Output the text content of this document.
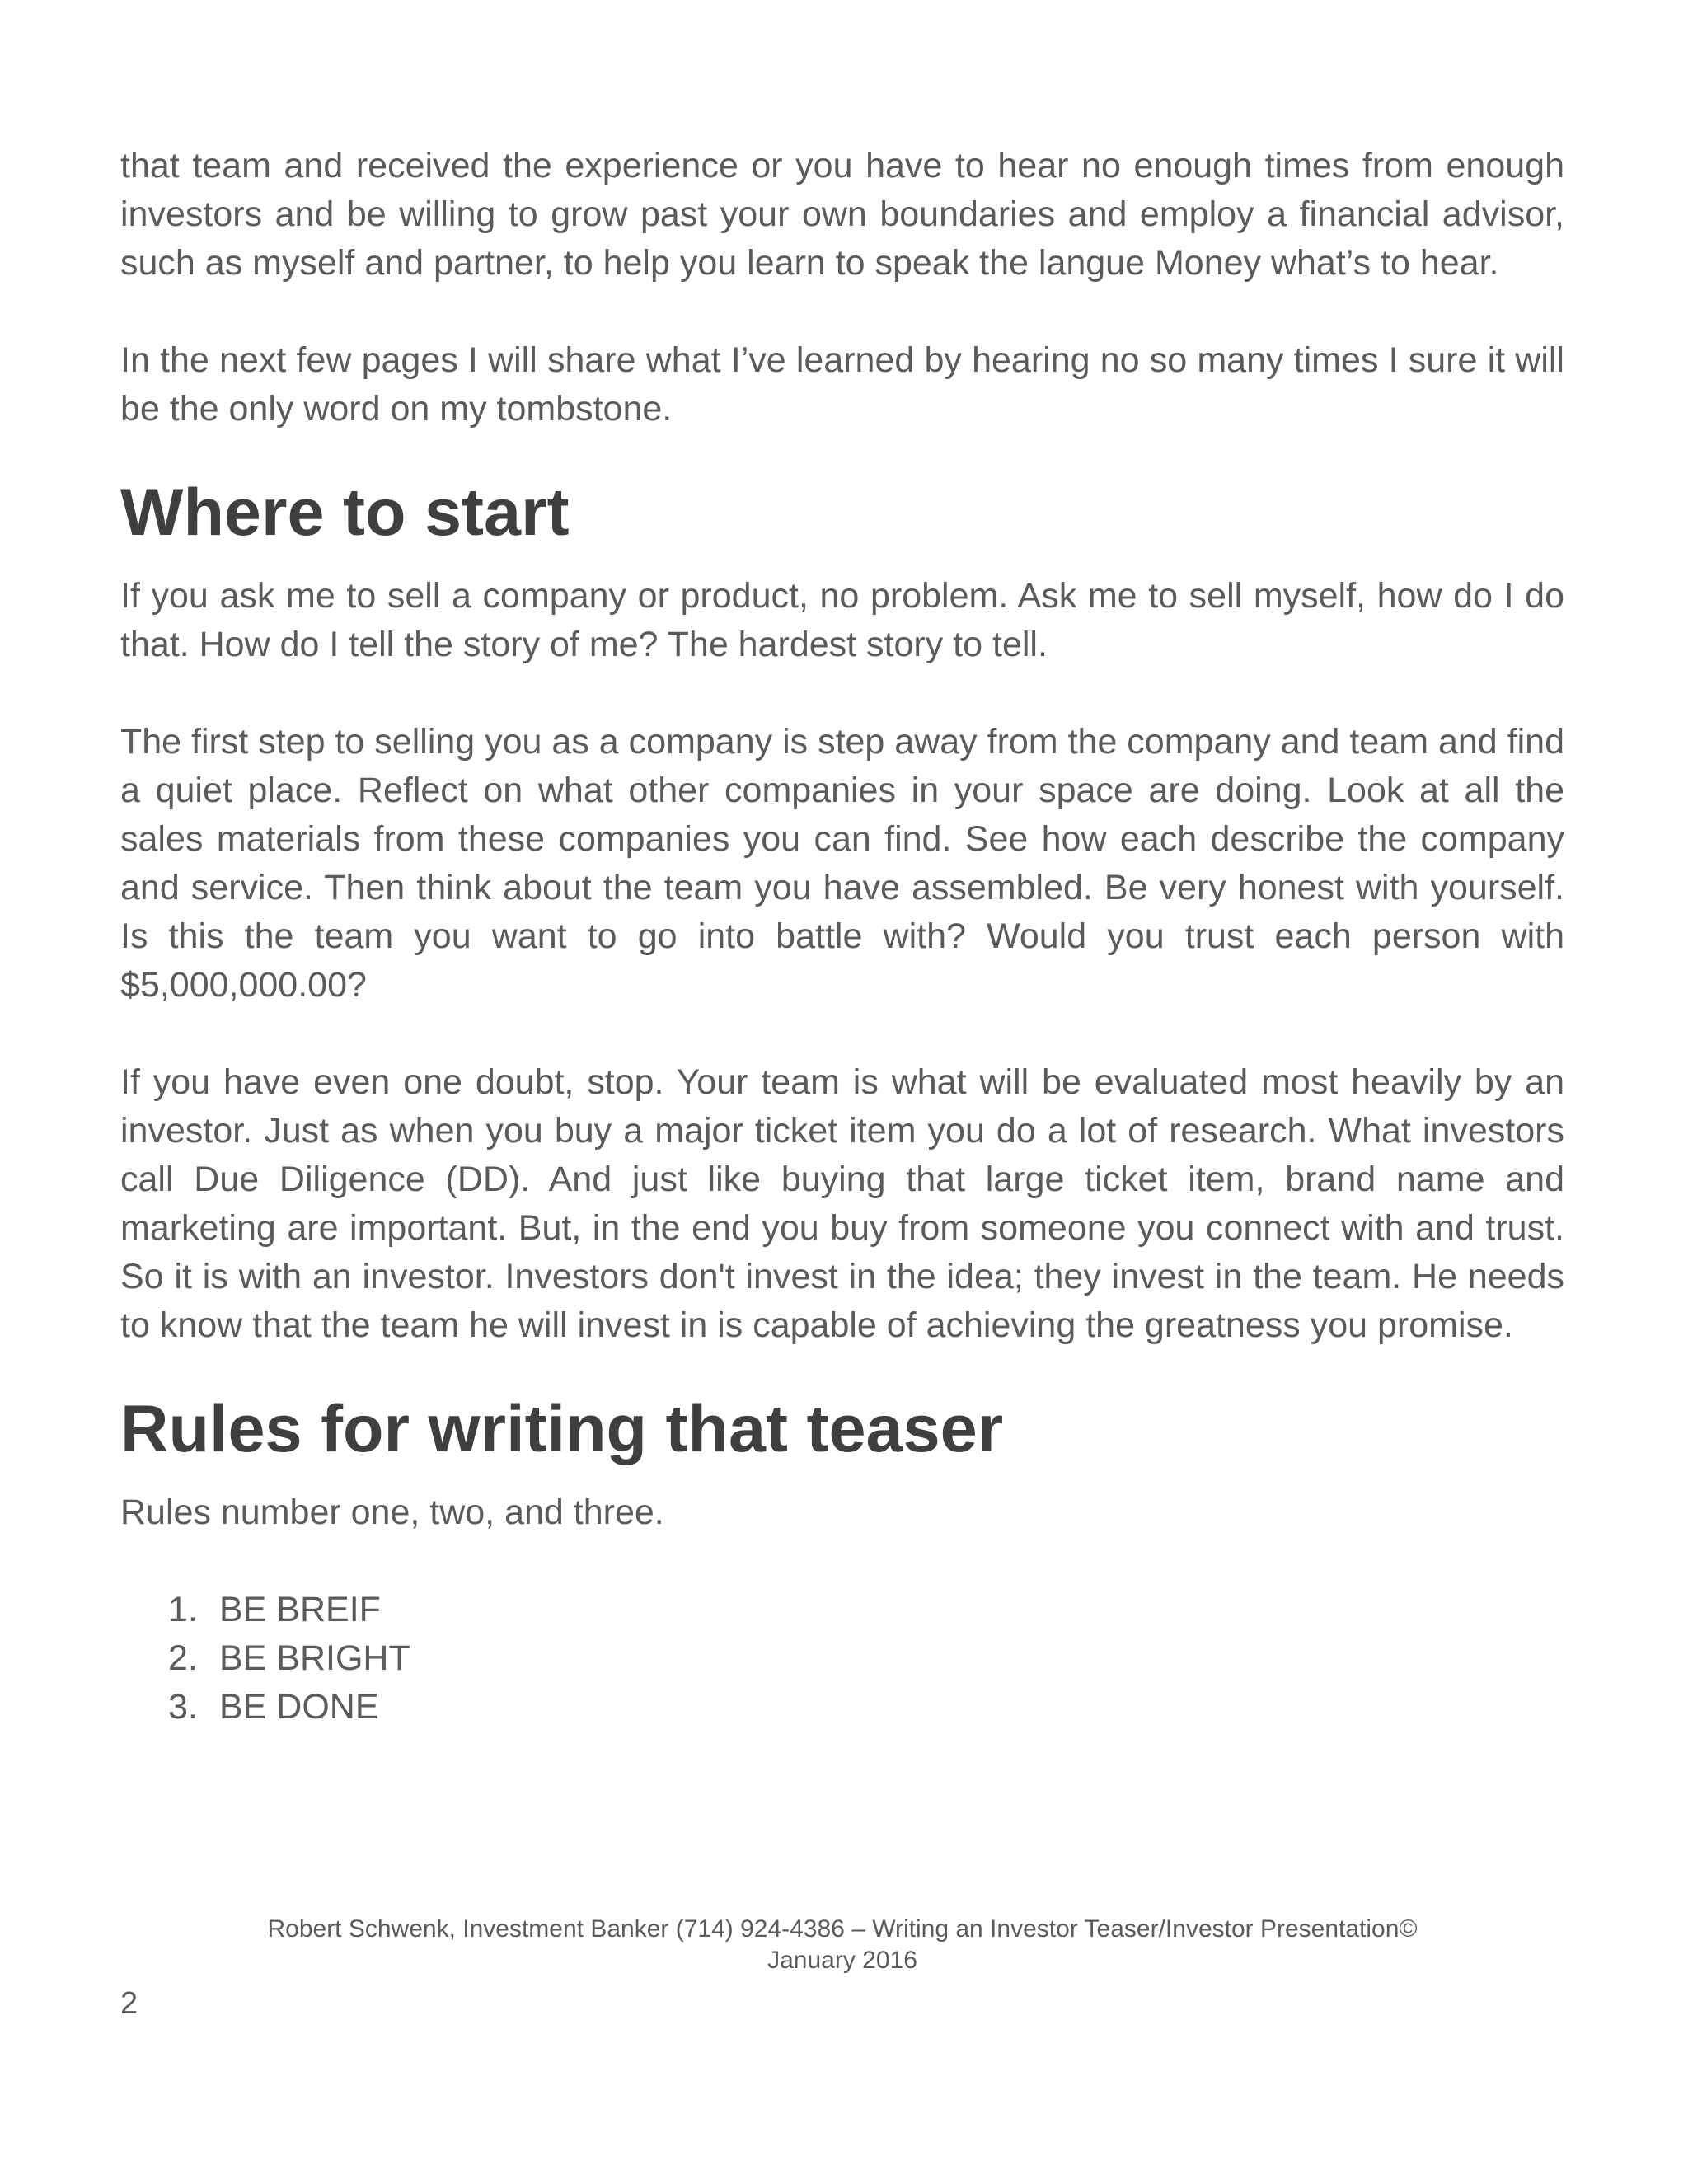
that team and received the experience or you have to hear no enough times from enough investors and be willing to grow past your own boundaries and employ a financial advisor, such as myself and partner, to help you learn to speak the langue Money what’s to hear.

In the next few pages I will share what I’ve learned by hearing no so many times I sure it will be the only word on my tombstone.

Where to start

If you ask me to sell a company or product, no problem. Ask me to sell myself, how do I do that. How do I tell the story of me? The hardest story to tell.

The first step to selling you as a company is step away from the company and team and find a quiet place. Reflect on what other companies in your space are doing. Look at all the sales materials from these companies you can find. See how each describe the company and service. Then think about the team you have assembled. Be very honest with yourself. Is this the team you want to go into battle with? Would you trust each person with $5,000,000.00?

If you have even one doubt, stop. Your team is what will be evaluated most heavily by an investor. Just as when you buy a major ticket item you do a lot of research. What investors call Due Diligence (DD). And just like buying that large ticket item, brand name and marketing are important. But, in the end you buy from someone you connect with and trust. So it is with an investor. Investors don't invest in the idea; they invest in the team. He needs to know that the team he will invest in is capable of achieving the greatness you promise.

Rules for writing that teaser

Rules number one, two, and three.

1. BE BREIF
2. BE BRIGHT
3. BE DONE
Robert Schwenk, Investment Banker (714) 924-4386 – Writing an Investor Teaser/Investor Presentation©
January 2016
2
